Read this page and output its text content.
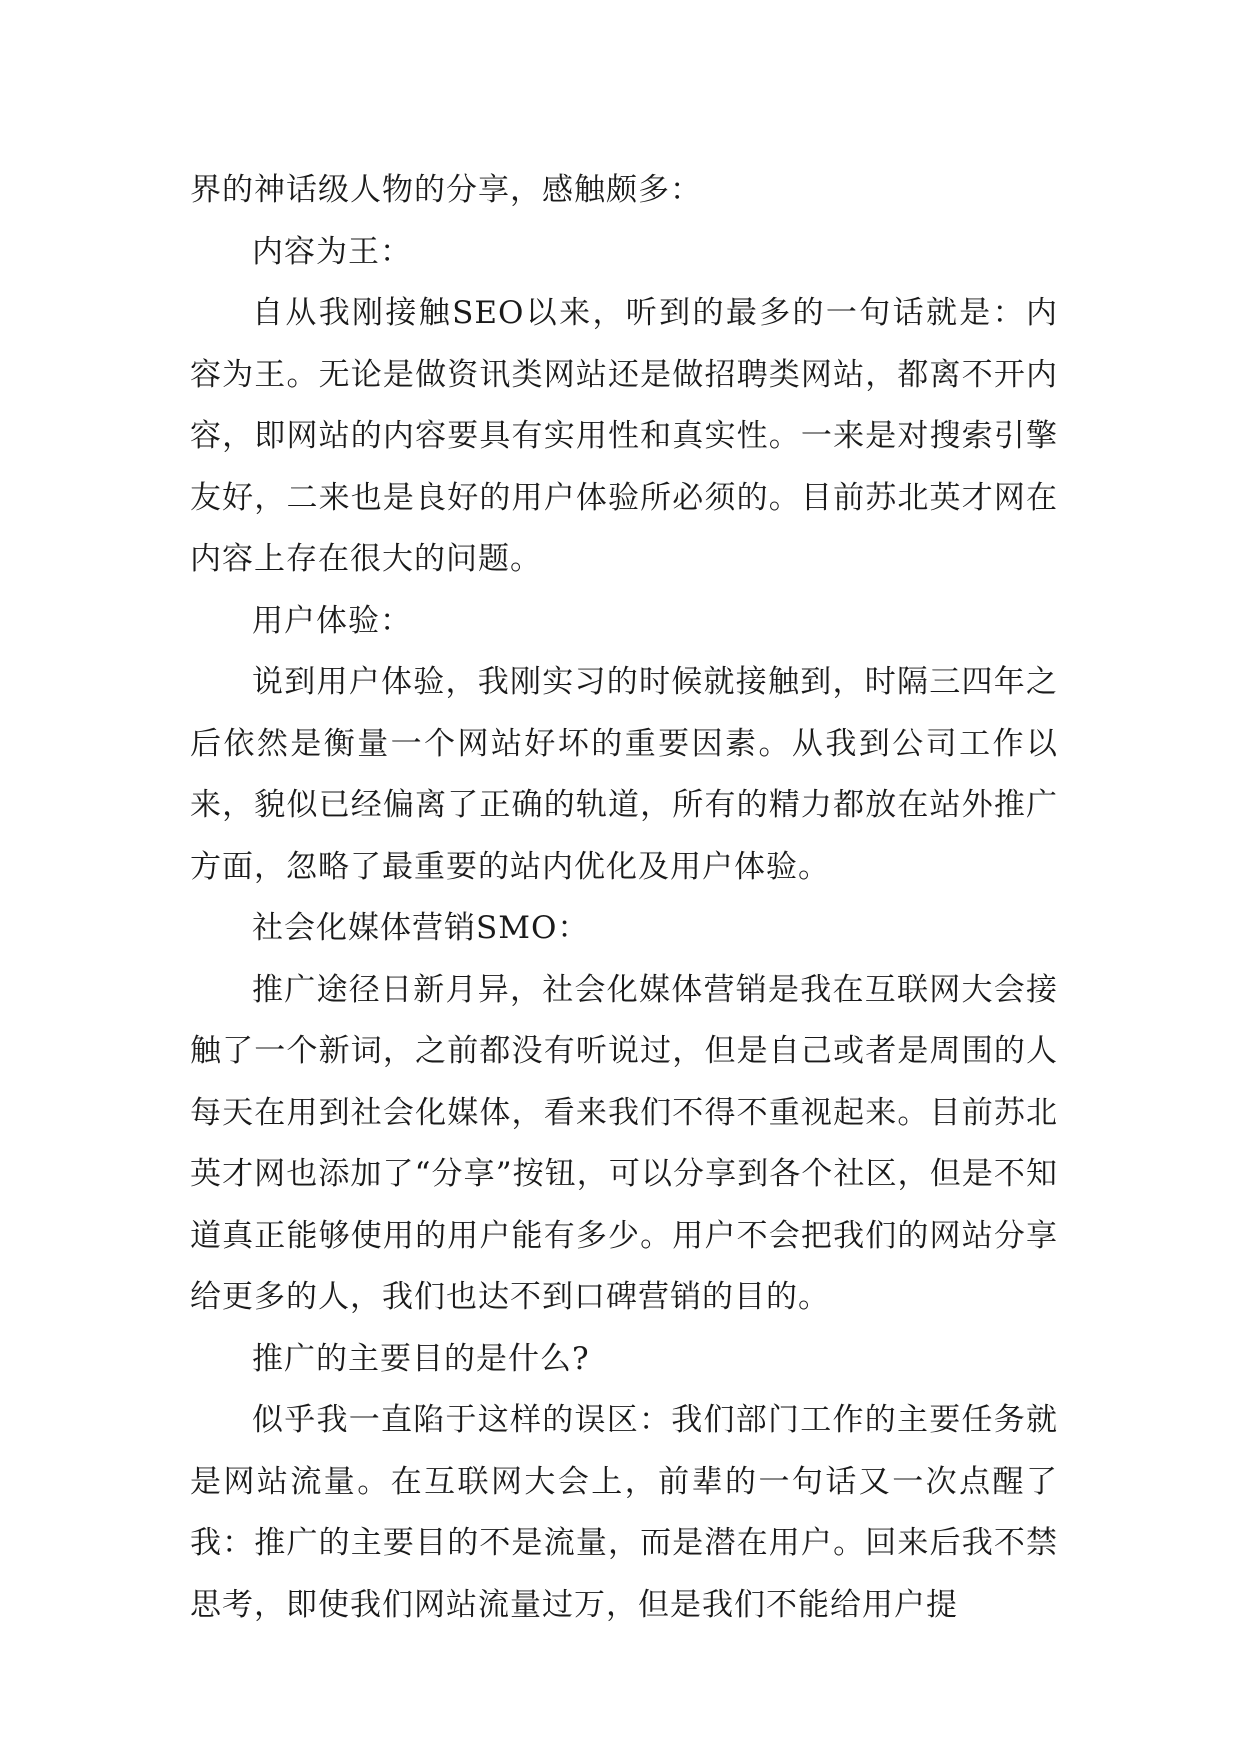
界的神话级人物的分享，感触颇多：

内容为王：

自从我刚接触SEO以来，听到的最多的一句话就是：内容为王。无论是做资讯类网站还是做招聘类网站，都离不开内容，即网站的内容要具有实用性和真实性。一来是对搜索引擎友好，二来也是良好的用户体验所必须的。目前苏北英才网在内容上存在很大的问题。

用户体验：

说到用户体验，我刚实习的时候就接触到，时隔三四年之后依然是衡量一个网站好坏的重要因素。从我到公司工作以来，貌似已经偏离了正确的轨道，所有的精力都放在站外推广方面，忽略了最重要的站内优化及用户体验。

社会化媒体营销SMO：

推广途径日新月异，社会化媒体营销是我在互联网大会接触了一个新词，之前都没有听说过，但是自己或者是周围的人每天在用到社会化媒体，看来我们不得不重视起来。目前苏北英才网也添加了“分享”按钮，可以分享到各个社区，但是不知道真正能够使用的用户能有多少。用户不会把我们的网站分享给更多的人，我们也达不到口碑营销的目的。

推广的主要目的是什么?

似乎我一直陷于这样的误区：我们部门工作的主要任务就是网站流量。在互联网大会上，前辈的一句话又一次点醒了我：推广的主要目的不是流量，而是潜在用户。回来后我不禁思考，即使我们网站流量过万，但是我们不能给用户提
